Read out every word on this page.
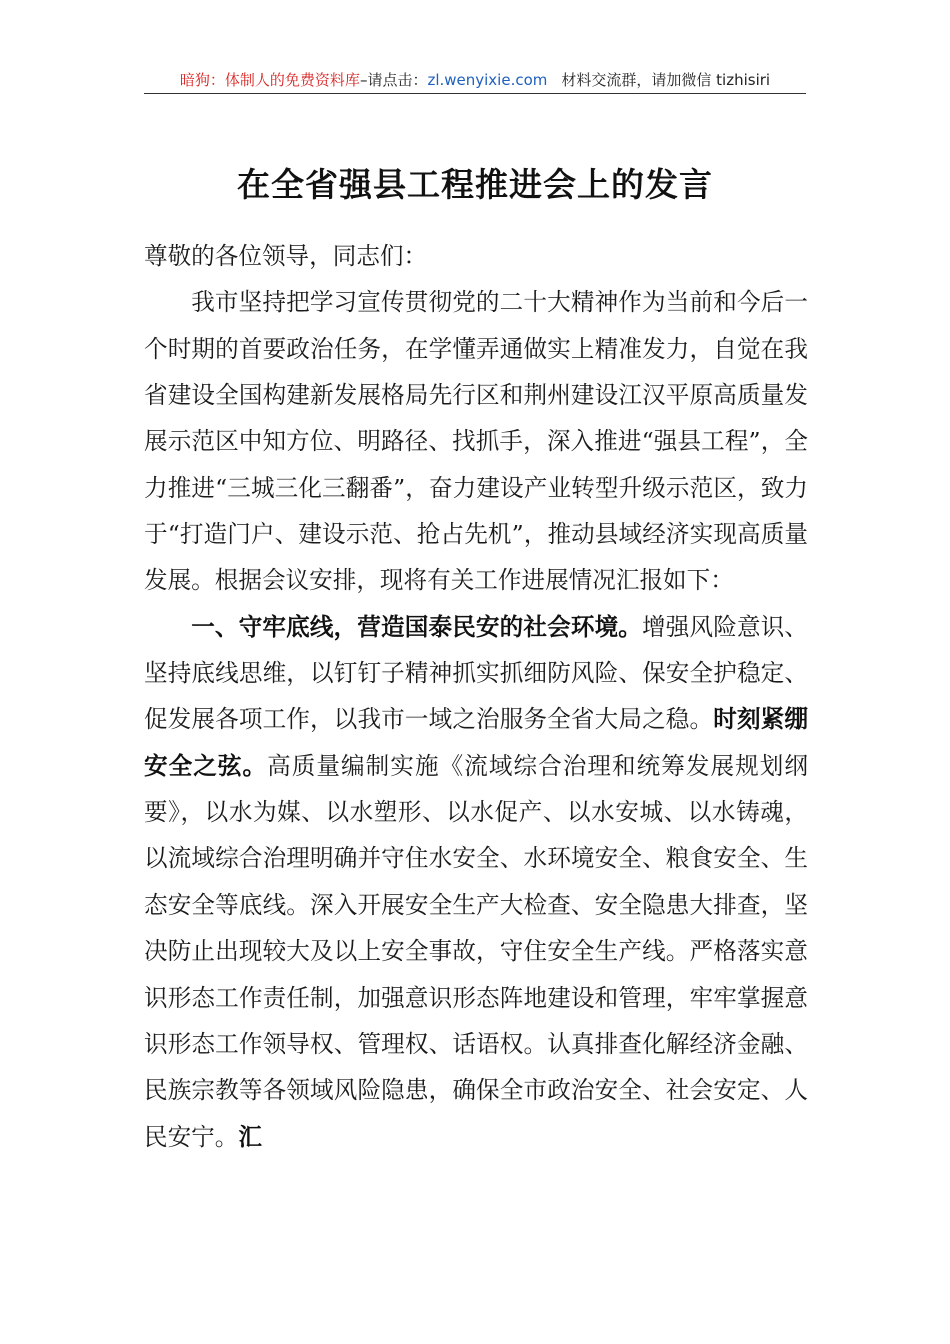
暗狗：体制人的免费资料库–请点击：zl.wenyixie.com 材料交流群，请加微信 tizhisiri
在全省强县工程推进会上的发言

尊敬的各位领导，同志们：

我市坚持把学习宣传贯彻党的二十大精神作为当前和今后一个时期的首要政治任务，在学懂弄通做实上精准发力，自觉在我省建设全国构建新发展格局先行区和荆州建设江汉平原高质量发展示范区中知方位、明路径、找抓手，深入推进“强县工程”，全力推进“三城三化三翻番”，奋力建设产业转型升级示范区，致力于“打造门户、建设示范、抢占先机”，推动县域经济实现高质量发展。根据会议安排，现将有关工作进展情况汇报如下：

一、守牢底线，营造国泰民安的社会环境。增强风险意识、坚持底线思维，以钉钉子精神抓实抓细防风险、保安全护稳定、促发展各项工作，以我市一域之治服务全省大局之稳。时刻紧绷安全之弦。高质量编制实施《流域综合治理和统筹发展规划纲要》，以水为媒、以水塑形、以水促产、以水安城、以水铸魂，以流域综合治理明确并守住水安全、水环境安全、粮食安全、生态安全等底线。深入开展安全生产大检查、安全隐患大排查，坚决防止出现较大及以上安全事故，守住安全生产线。严格落实意识形态工作责任制，加强意识形态阵地建设和管理，牢牢掌握意识形态工作领导权、管理权、话语权。认真排查化解经济金融、民族宗教等各领域风险隐患，确保全市政治安全、社会安定、人民安宁。汇
